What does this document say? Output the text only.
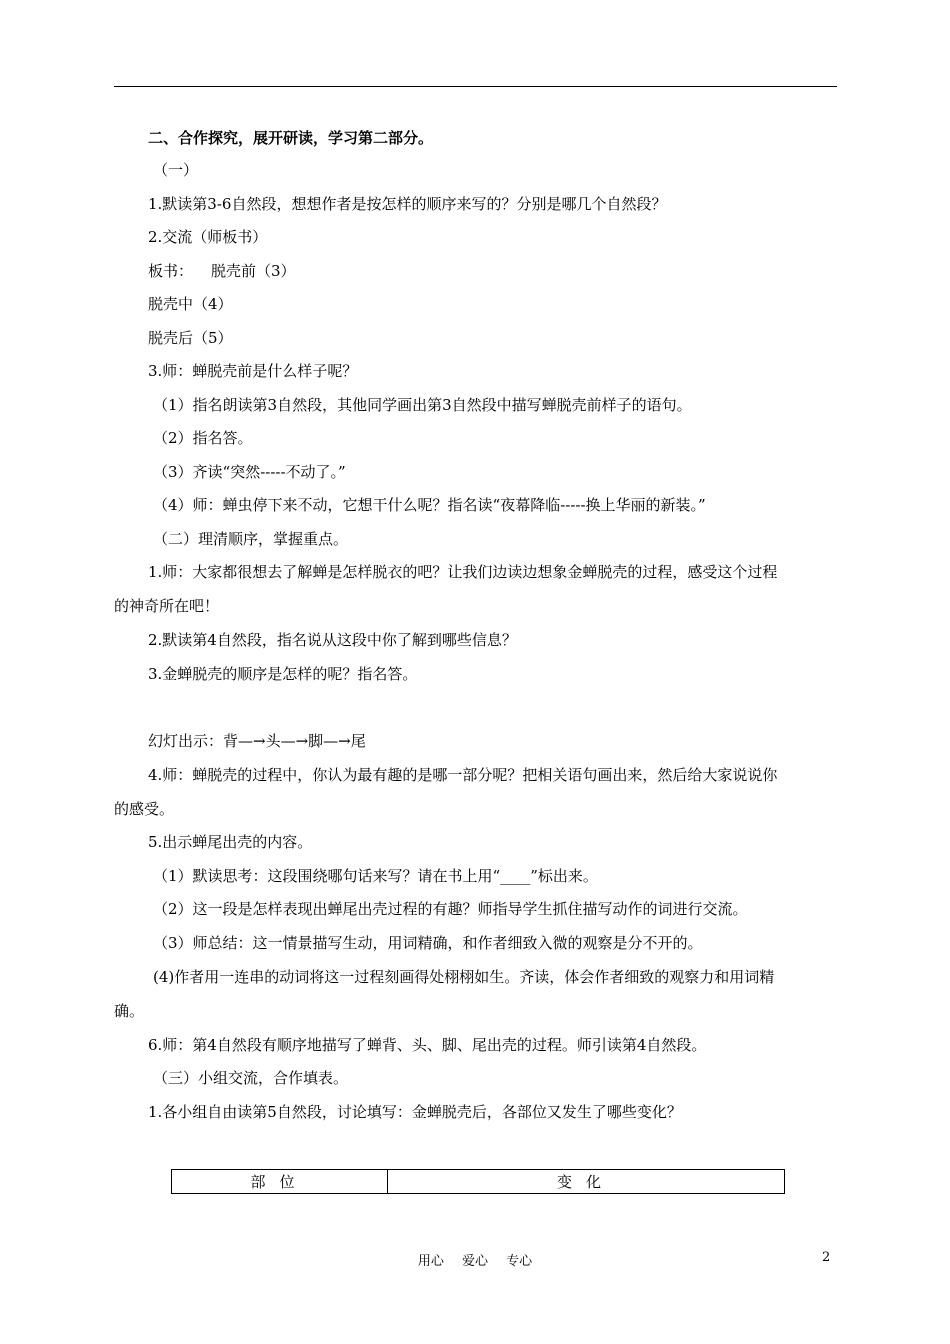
二、合作探究，展开研读，学习第二部分。
（一）
1.默读第3-6自然段，想想作者是按怎样的顺序来写的？分别是哪几个自然段？
2.交流（师板书）
板书： 脱壳前（3）
脱壳中（4）
脱壳后（5）
3.师：蝉脱壳前是什么样子呢？
（1）指名朗读第3自然段，其他同学画出第3自然段中描写蝉脱壳前样子的语句。
（2）指名答。
（3）齐读“突然-----不动了。”
（4）师：蝉虫停下来不动，它想干什么呢？指名读“夜幕降临-----换上华丽的新装。”
（二）理清顺序，掌握重点。
1.师：大家都很想去了解蝉是怎样脱衣的吧？让我们边读边想象金蝉脱壳的过程，感受这个过程
的神奇所在吧！
2.默读第4自然段，指名说从这段中你了解到哪些信息？
3.金蝉脱壳的顺序是怎样的呢？指名答。
幻灯出示：背—→头—→脚—→尾
4.师：蝉脱壳的过程中，你认为最有趣的是哪一部分呢？把相关语句画出来，然后给大家说说你
的感受。
5.出示蝉尾出壳的内容。
（1）默读思考：这段围绕哪句话来写？请在书上用“____”标出来。
（2）这一段是怎样表现出蝉尾出壳过程的有趣？师指导学生抓住描写动作的词进行交流。
（3）师总结：这一情景描写生动，用词精确，和作者细致入微的观察是分不开的。
(4)作者用一连串的动词将这一过程刻画得处栩栩如生。齐读，体会作者细致的观察力和用词精
确。
6.师：第4自然段有顺序地描写了蝉背、头、脚、尾出壳的过程。师引读第4自然段。
（三）小组交流，合作填表。
1.各小组自由读第5自然段，讨论填写：金蝉脱壳后，各部位又发生了哪些变化？
部位	变化
用心 爱心 专心	2
